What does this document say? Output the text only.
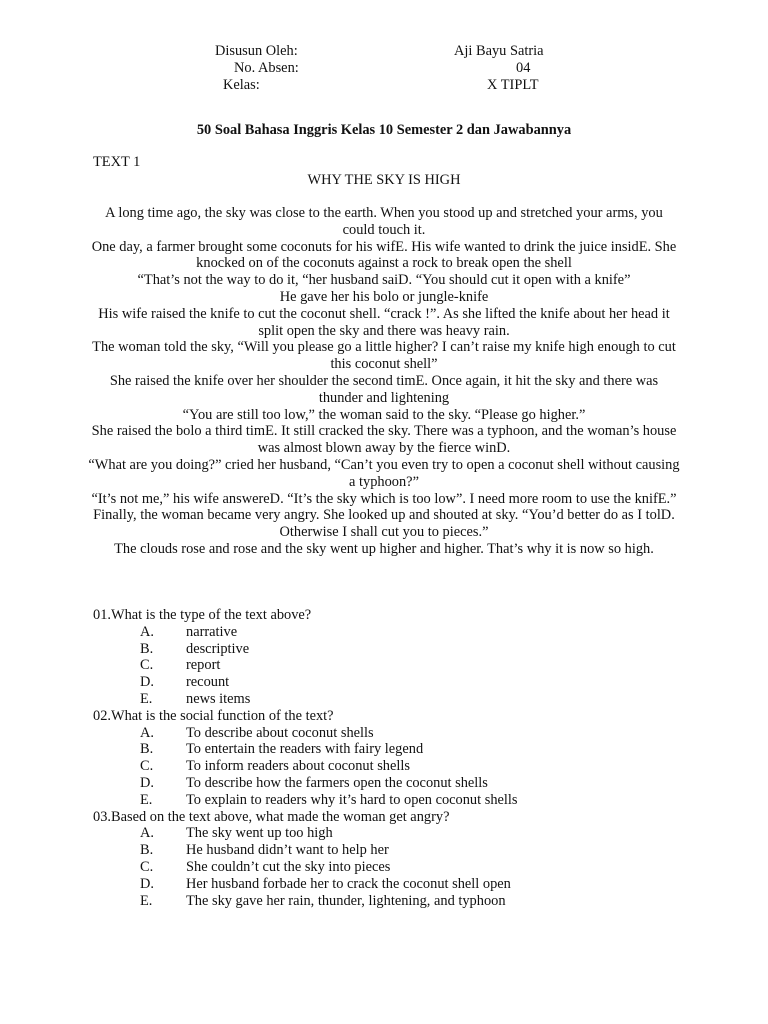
Disusun Oleh:	Aji Bayu Satria
No. Absen:	04
Kelas:	X TIPLT
50 Soal Bahasa Inggris Kelas 10 Semester 2 dan Jawabannya
TEXT 1
WHY THE SKY IS HIGH

A long time ago, the sky was close to the earth. When you stood up and stretched your arms, you could touch it.

One day, a farmer brought some coconuts for his wifE. His wife wanted to drink the juice insidE. She knocked on of the coconuts against a rock to break open the shell

“That’s not the way to do it, “her husband saiD. “You should cut it open with a knife”

He gave her his bolo or jungle-knife

His wife raised the knife to cut the coconut shell. “crack !”. As she lifted the knife about her head it split open the sky and there was heavy rain.

The woman told the sky, “Will you please go a little higher? I can’t raise my knife high enough to cut this coconut shell”

She raised the knife over her shoulder the second timE. Once again, it hit the sky and there was thunder and lightening

“You are still too low,” the woman said to the sky. “Please go higher.”

She raised the bolo a third timE. It still cracked the sky. There was a typhoon, and the woman’s house was almost blown away by the fierce winD.

“What are you doing?” cried her husband, “Can’t you even try to open a coconut shell without causing a typhoon?”

“It’s not me,” his wife answereD. “It’s the sky which is too low”. I need more room to use the knifE.”

Finally, the woman became very angry. She looked up and shouted at sky. “You’d better do as I tolD. Otherwise I shall cut you to pieces.”

The clouds rose and rose and the sky went up higher and higher. That’s why it is now so high.

01.What is the type of the text above?

A. narrative
B. descriptive
C. report
D. recount
E. news items

02.What is the social function of the text?

A. To describe about coconut shells
B. To entertain the readers with fairy legend
C. To inform readers about coconut shells
D. To describe how the farmers open the coconut shells
E. To explain to readers why it’s hard to open coconut shells

03.Based on the text above, what made the woman get angry?

A. The sky went up too high
B. He husband didn’t want to help her
C. She couldn’t cut the sky into pieces
D. Her husband forbade her to crack the coconut shell open
E. The sky gave her rain, thunder, lightening, and typhoon
